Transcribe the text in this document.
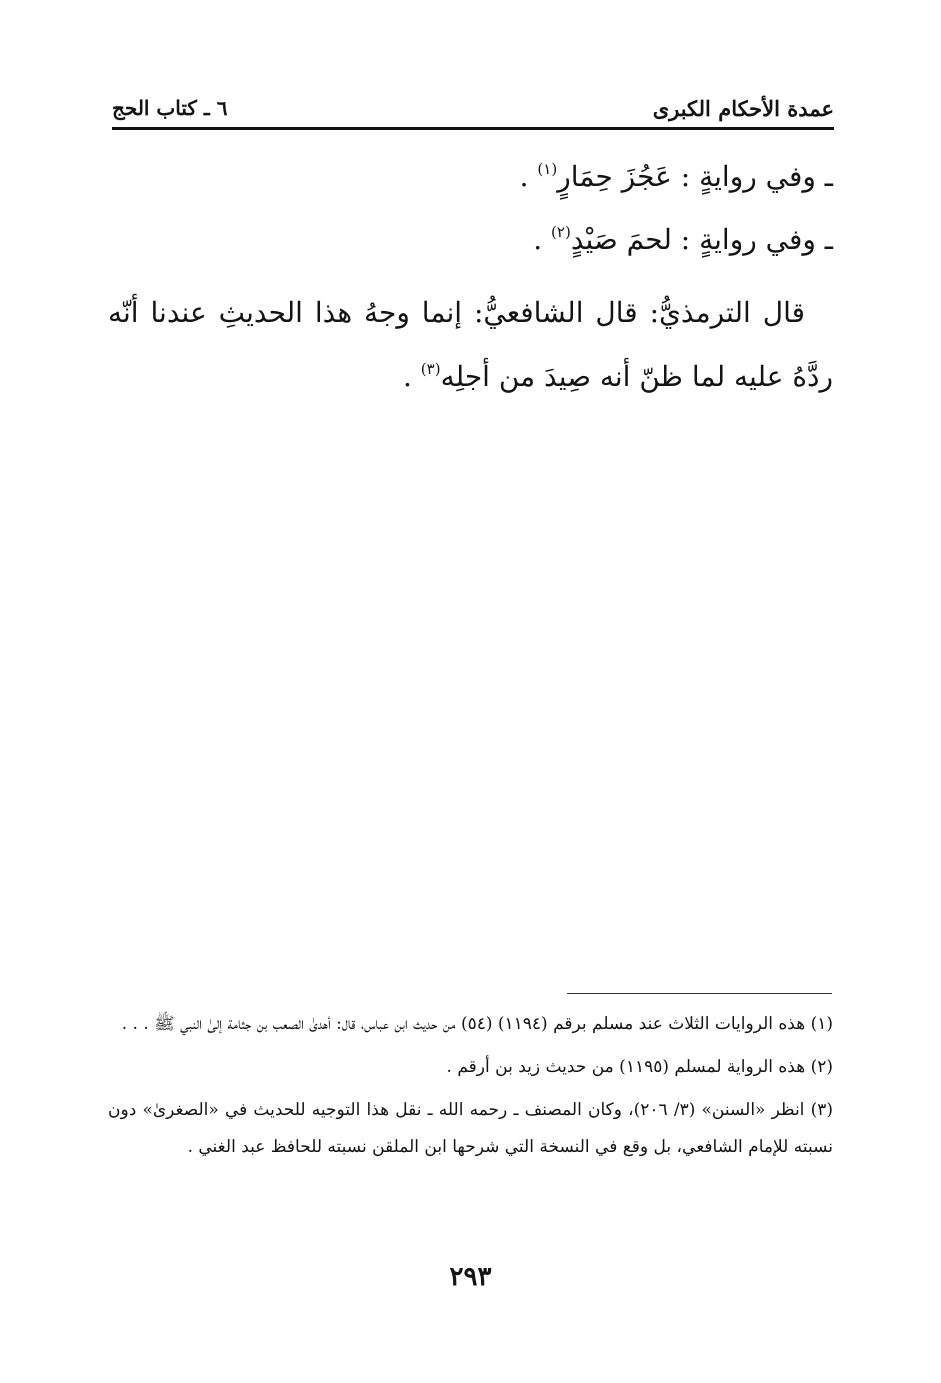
عمدة الأحكام الكبرى
٦ ـ كتاب الحج
ـ وفي روايةٍ : عَجُزَ حِمَارٍ$^{(١)}$ .
ـ وفي روايةٍ : لحمَ صَيْدٍ$^{(٢)}$ .
قال الترمذيُّ: قال الشافعيُّ: إنما وجهُ هذا الحديثِ عندنا أنّه ردَّهُ عليه لما ظنّ أنه صِيدَ من أجلِه$^{(٣)}$ .

(١) هذه الروايات الثلاث عند مسلم برقم (١١٩٤) (٥٤) من حديث ابن عباس، قال: أهدىٰ الصعب بن جثامة إلىٰ النبي ﷺ . . .

(٢) هذه الرواية لمسلم (١١٩٥) من حديث زيد بن أرقم .

(٣) انظر «السنن» (٣/ ٢٠٦)، وكان المصنف ـ رحمه الله ـ نقل هذا التوجيه للحديث في «الصغرىٰ» دون نسبته للإمام الشافعي، بل وقع في النسخة التي شرحها ابن الملقن نسبته للحافظ عبد الغني .

٢٩٣
